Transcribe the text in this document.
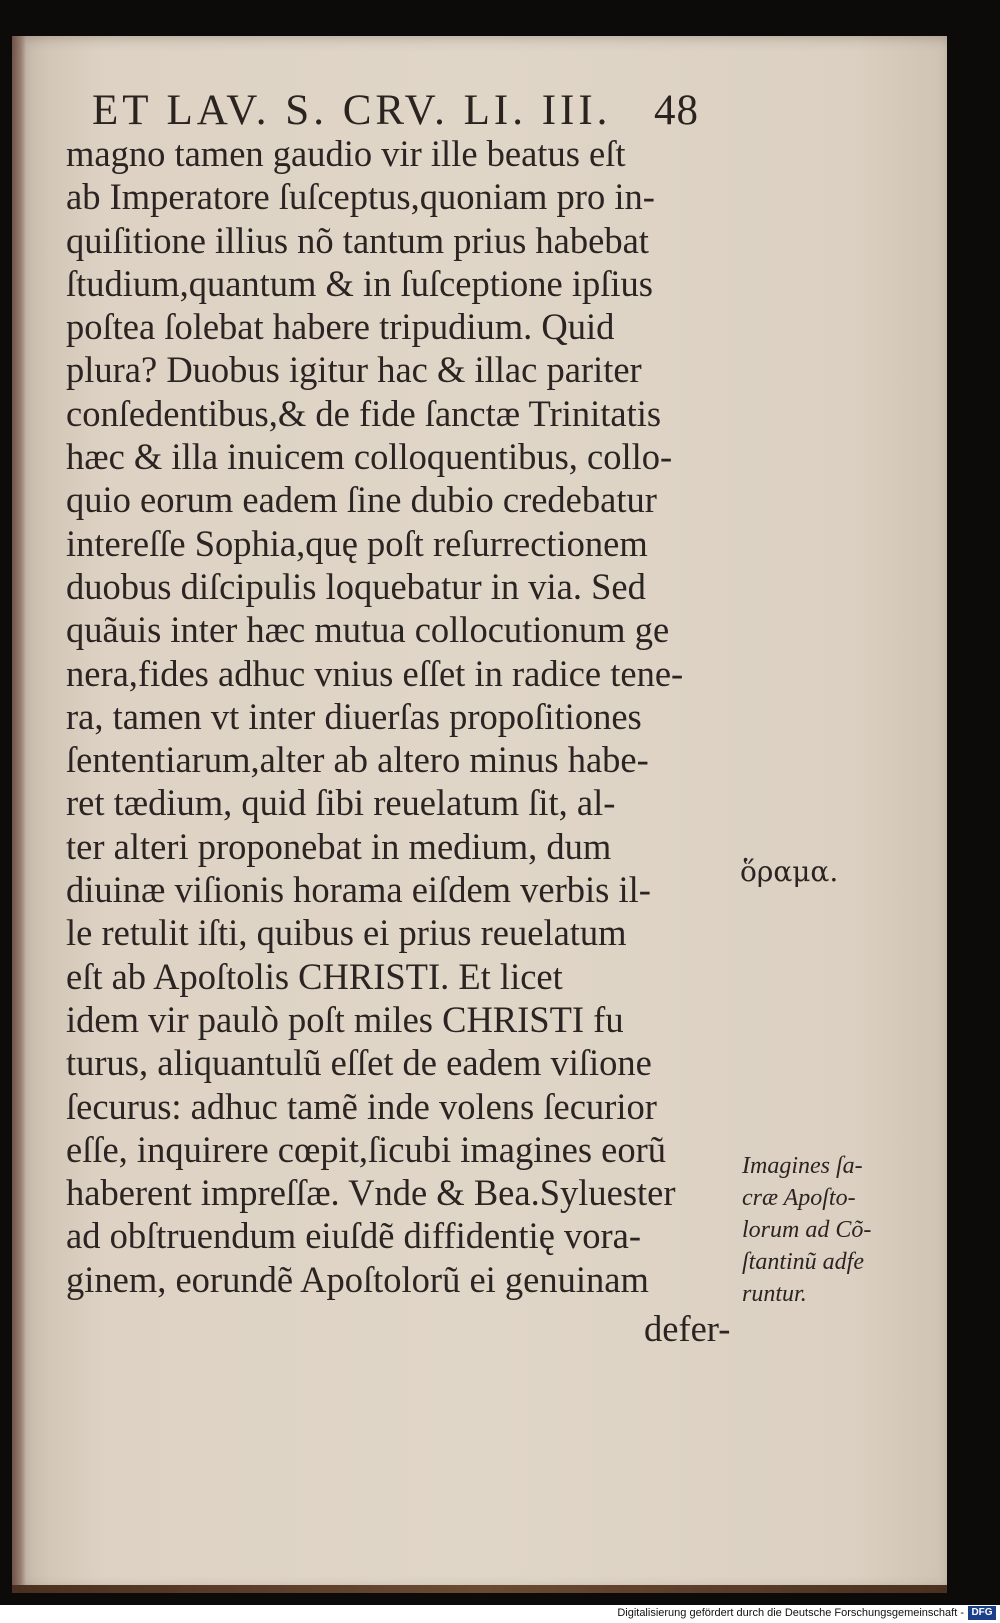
ET LAV. S. CRV. LI. III. 48
magno tamen gaudio vir ille beatus eſt
ab Imperatore ſuſceptus,quoniam pro in-
quiſitione illius nõ tantum prius habebat
ſtudium,quantum & in ſuſceptione ipſius
poſtea ſolebat habere tripudium. Quid
plura? Duobus igitur hac & illac pariter
conſedentibus,& de fide ſanctæ Trinitatis
hæc & illa inuicem colloquentibus, collo-
quio eorum eadem ſine dubio credebatur
intereſſe Sophia,quę poſt reſurrectionem
duobus diſcipulis loquebatur in via. Sed
quãuis inter hæc mutua collocutionum ge
nera,fides adhuc vnius eſſet in radice tene-
ra, tamen vt inter diuerſas propoſitiones
ſententiarum,alter ab altero minus habe-
ret tædium, quid ſibi reuelatum ſit, al-
ter alteri proponebat in medium, dum
diuinæ viſionis horama eiſdem verbis il-
le retulit iſti, quibus ei prius reuelatum
eſt ab Apoſtolis CHRISTI. Et licet
idem vir paulò poſt miles CHRISTI fu
turus, aliquantulũ eſſet de eadem viſione
ſecurus: adhuc tamẽ inde volens ſecurior
eſſe, inquirere cœpit,ſicubi imagines eorũ
haberent impreſſæ. Vnde & Bea.Syluester
ad obſtruendum eiuſdẽ diffidentię vora-
ginem, eorundẽ Apoſtolorũ ei genuinam
defer-
ὅραμα.
Imagines ſa-
cræ Apoſto-
lorum ad Cõ-
ſtantinũ adfe
runtur.
Digitalisierung gefördert durch die Deutsche Forschungsgemeinschaft - DFG
